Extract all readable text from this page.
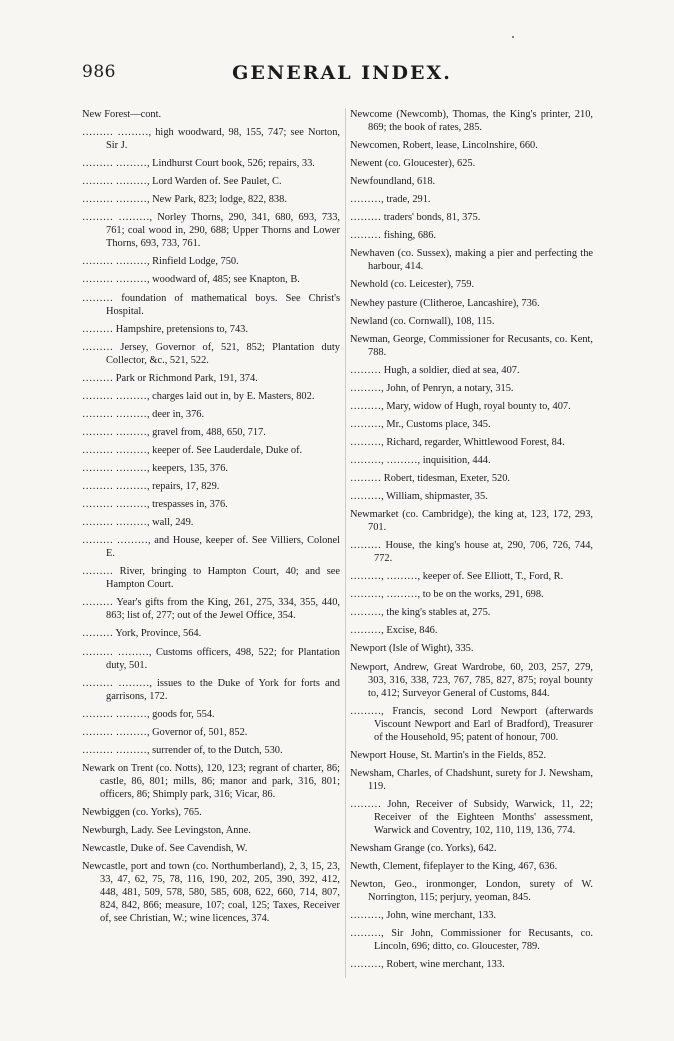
986	GENERAL INDEX.

New Forest—cont.

……… ………, high woodward, 98, 155, 747; see Norton, Sir J.

……… ………, Lindhurst Court book, 526; repairs, 33.

……… ………, Lord Warden of. See Paulet, C.

……… ………, New Park, 823; lodge, 822, 838.

……… ………, Norley Thorns, 290, 341, 680, 693, 733, 761; coal wood in, 290, 688; Upper Thorns and Lower Thorns, 693, 733, 761.

……… ………, Rinfield Lodge, 750.

……… ………, woodward of, 485; see Knapton, B.

……… foundation of mathematical boys. See Christ's Hospital.

……… Hampshire, pretensions to, 743.

……… Jersey, Governor of, 521, 852; Plantation duty Collector, &c., 521, 522.

……… Park or Richmond Park, 191, 374.

……… ………, charges laid out in, by E. Masters, 802.

……… ………, deer in, 376.

……… ………, gravel from, 488, 650, 717.

……… ………, keeper of. See Lauderdale, Duke of.

……… ………, keepers, 135, 376.

……… ………, repairs, 17, 829.

……… ………, trespasses in, 376.

……… ………, wall, 249.

……… ………, and House, keeper of. See Villiers, Colonel E.

……… River, bringing to Hampton Court, 40; and see Hampton Court.

……… Year's gifts from the King, 261, 275, 334, 355, 440, 863; list of, 277; out of the Jewel Office, 354.

……… York, Province, 564.

……… ………, Customs officers, 498, 522; for Plantation duty, 501.

……… ………, issues to the Duke of York for forts and garrisons, 172.

……… ………, goods for, 554.

……… ………, Governor of, 501, 852.

……… ………, surrender of, to the Dutch, 530.

Newark on Trent (co. Notts), 120, 123; regrant of charter, 86; castle, 86, 801; mills, 86; manor and park, 316, 801; officers, 86; Shimply park, 316; Vicar, 86.

Newbiggen (co. Yorks), 765.

Newburgh, Lady. See Levingston, Anne.

Newcastle, Duke of. See Cavendish, W.

Newcastle, port and town (co. Northumberland), 2, 3, 15, 23, 33, 47, 62, 75, 78, 116, 190, 202, 205, 390, 392, 412, 448, 481, 509, 578, 580, 585, 608, 622, 660, 714, 807, 824, 842, 866; measure, 107; coal, 125; Taxes, Receiver of, see Christian, W.; wine licences, 374.

Newcome (Newcomb), Thomas, the King's printer, 210, 869; the book of rates, 285.

Newcomen, Robert, lease, Lincolnshire, 660.

Newent (co. Gloucester), 625.

Newfoundland, 618.

………, trade, 291.

……… traders' bonds, 81, 375.

……… fishing, 686.

Newhaven (co. Sussex), making a pier and perfecting the harbour, 414.

Newhold (co. Leicester), 759.

Newhey pasture (Clitheroe, Lancashire), 736.

Newland (co. Cornwall), 108, 115.

Newman, George, Commissioner for Recusants, co. Kent, 788.

……… Hugh, a soldier, died at sea, 407.

………, John, of Penryn, a notary, 315.

………, Mary, widow of Hugh, royal bounty to, 407.

………, Mr., Customs place, 345.

………, Richard, regarder, Whittlewood Forest, 84.

………, ………, inquisition, 444.

……… Robert, tidesman, Exeter, 520.

………, William, shipmaster, 35.

Newmarket (co. Cambridge), the king at, 123, 172, 293, 701.

……… House, the king's house at, 290, 706, 726, 744, 772.

………, ………, keeper of. See Elliott, T., Ford, R.

………, ………, to be on the works, 291, 698.

………, the king's stables at, 275.

………, Excise, 846.

Newport (Isle of Wight), 335.

Newport, Andrew, Great Wardrobe, 60, 203, 257, 279, 303, 316, 338, 723, 767, 785, 827, 875; royal bounty to, 412; Surveyor General of Customs, 844.

………, Francis, second Lord Newport (afterwards Viscount Newport and Earl of Bradford), Treasurer of the Household, 95; patent of honour, 700.

Newport House, St. Martin's in the Fields, 852.

Newsham, Charles, of Chadshunt, surety for J. Newsham, 119.

……… John, Receiver of Subsidy, Warwick, 11, 22; Receiver of the Eighteen Months' assessment, Warwick and Coventry, 102, 110, 119, 136, 774.

Newsham Grange (co. Yorks), 642.

Newth, Clement, fifeplayer to the King, 467, 636.

Newton, Geo., ironmonger, London, surety of W. Norrington, 115; perjury, yeoman, 845.

………, John, wine merchant, 133.

………, Sir John, Commissioner for Recusants, co. Lincoln, 696; ditto, co. Gloucester, 789.

………, Robert, wine merchant, 133.
